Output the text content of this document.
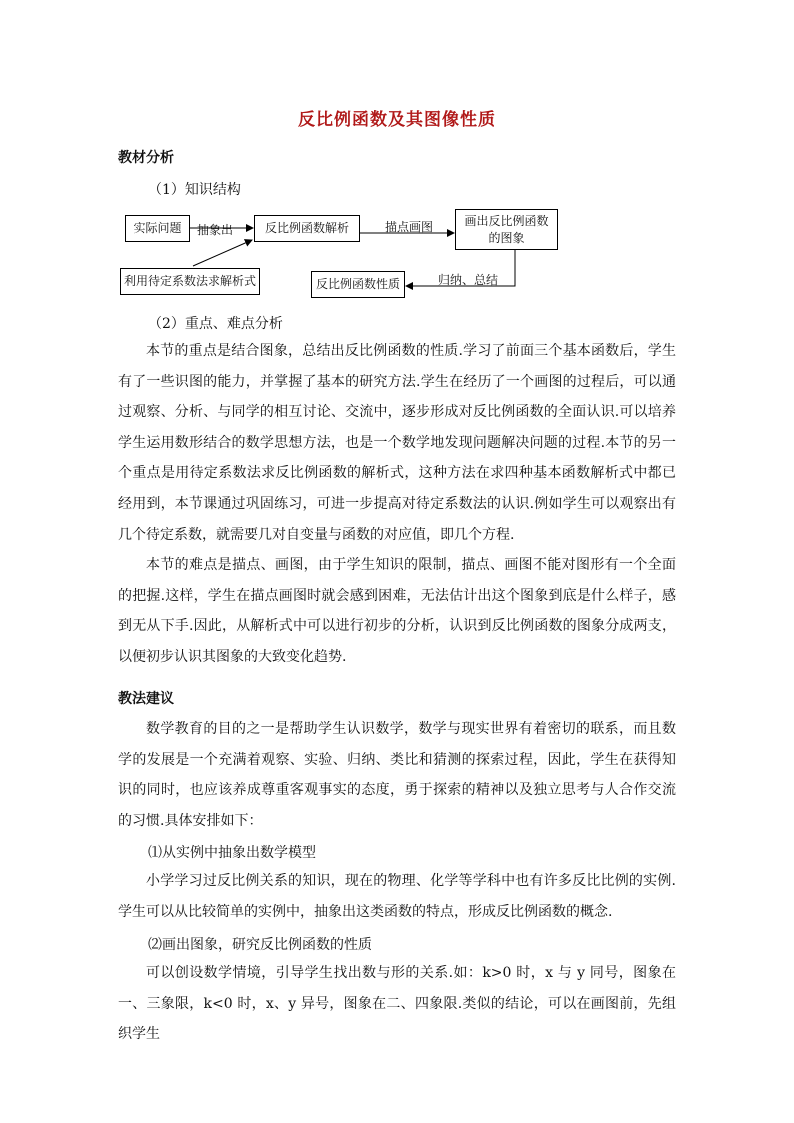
反比例函数及其图像性质
教材分析
（1）知识结构
实际问题	抽象出	反比例函数解析	描点画图	画出反比例函数的图象
利用待定系数法求解析式	反比例函数性质	归纳、总结
（2）重点、难点分析

本节的重点是结合图象，总结出反比例函数的性质.学习了前面三个基本函数后，学生有了一些识图的能力，并掌握了基本的研究方法.学生在经历了一个画图的过程后，可以通过观察、分析、与同学的相互讨论、交流中，逐步形成对反比例函数的全面认识.可以培养学生运用数形结合的数学思想方法，也是一个数学地发现问题解决问题的过程.本节的另一个重点是用待定系数法求反比例函数的解析式，这种方法在求四种基本函数解析式中都已经用到，本节课通过巩固练习，可进一步提高对待定系数法的认识.例如学生可以观察出有几个待定系数，就需要几对自变量与函数的对应值，即几个方程.

本节的难点是描点、画图，由于学生知识的限制，描点、画图不能对图形有一个全面的把握.这样，学生在描点画图时就会感到困难，无法估计出这个图象到底是什么样子，感到无从下手.因此，从解析式中可以进行初步的分析，认识到反比例函数的图象分成两支，以便初步认识其图象的大致变化趋势.

教法建议

数学教育的目的之一是帮助学生认识数学，数学与现实世界有着密切的联系，而且数学的发展是一个充满着观察、实验、归纳、类比和猜测的探索过程，因此，学生在获得知识的同时，也应该养成尊重客观事实的态度，勇于探索的精神以及独立思考与人合作交流的习惯.具体安排如下：

⑴从实例中抽象出数学模型

小学学习过反比例关系的知识，现在的物理、化学等学科中也有许多反比比例的实例.学生可以从比较简单的实例中，抽象出这类函数的特点，形成反比例函数的概念.

⑵画出图象，研究反比例函数的性质

可以创设数学情境，引导学生找出数与形的关系.如：k>0 时，x 与 y 同号，图象在一、三象限，k<0 时，x、y 异号，图象在二、四象限.类似的结论，可以在画图前，先组织学生
